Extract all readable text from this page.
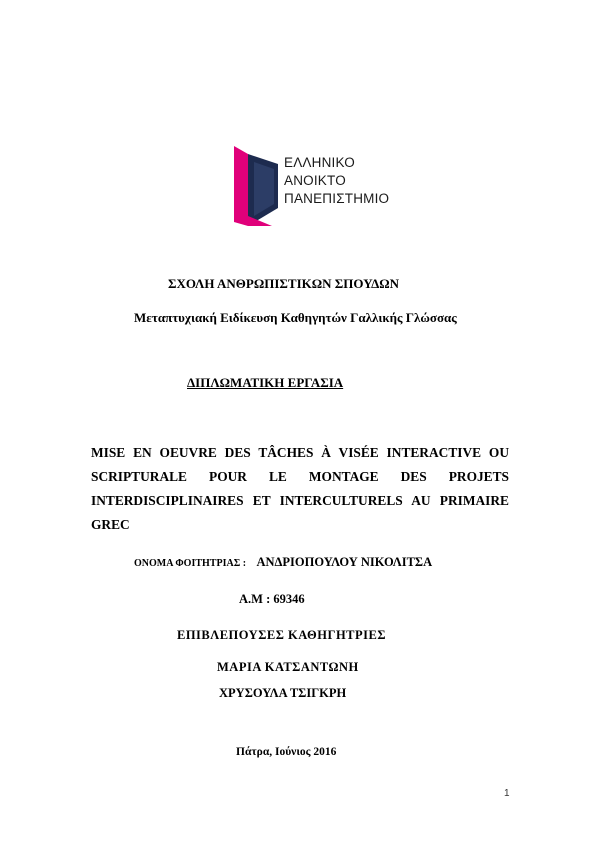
ΕΛΛΗΝΙΚΟ
ΑΝΟΙΚΤΟ
ΠΑΝΕΠΙΣΤΗΜΙΟ
ΣΧΟΛΗ ΑΝΘΡΩΠΙΣΤΙΚΩΝ ΣΠΟΥΔΩΝ
Μεταπτυχιακή Ειδίκευση Καθηγητών Γαλλικής Γλώσσας
ΔΙΠΛΩΜΑΤΙΚΗ ΕΡΓΑΣΙΑ
MISE EN OEUVRE DES TÂCHES À VISÉE INTERACTIVE OU SCRIPTURALE POUR LE MONTAGE DES PROJETS INTERDISCIPLINAIRES ET INTERCULTURELS AU PRIMAIRE GREC
ΟΝΟΜΑ ΦΟΙΤΗΤΡΙΑΣ : ΑΝΔΡΙΟΠΟΥΛΟΥ ΝΙΚΟΛΙΤΣΑ
Α.Μ : 69346
ΕΠΙΒΛΕΠΟΥΣΕΣ ΚΑΘΗΓΗΤΡΙΕΣ
ΜΑΡΙΑ ΚΑΤΣΑΝΤΩΝΗ
ΧΡΥΣΟΥΛΑ ΤΣΙΓΚΡΗ
Πάτρα, Ιούνιος 2016
1
